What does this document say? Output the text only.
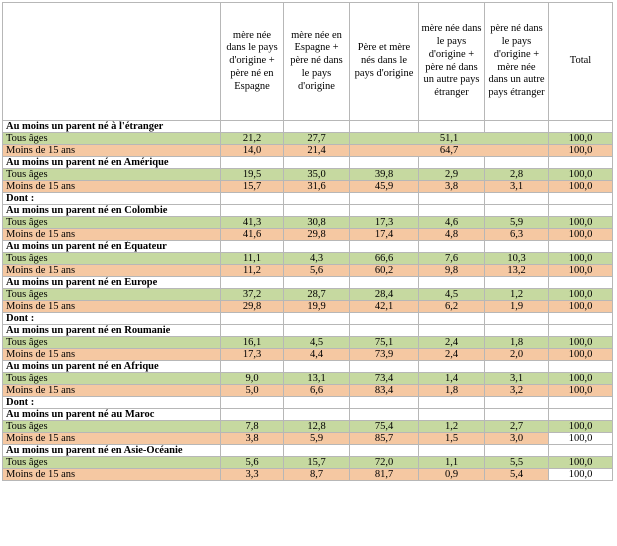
	mère née dans le pays d'origine + père né en Espagne	mère née en Espagne + père né dans le pays d'origine	Père et mère nés dans le pays d'origine	mère née dans le pays d'origine + père né dans un autre pays étranger	père né dans le pays d'origine + mère née dans un autre pays étranger	Total
Au moins un parent né à l'étranger						
Tous âges	21,2	27,7	51,1			100,0
Moins de 15 ans	14,0	21,4	64,7			100,0
Au moins un parent né en Amérique						
Tous âges	19,5	35,0	39,8	2,9	2,8	100,0
Moins de 15 ans	15,7	31,6	45,9	3,8	3,1	100,0
Dont :						
Au moins un parent né en Colombie						
Tous âges	41,3	30,8	17,3	4,6	5,9	100,0
Moins de 15 ans	41,6	29,8	17,4	4,8	6,3	100,0
Au moins un parent né en Équateur						
Tous âges	11,1	4,3	66,6	7,6	10,3	100,0
Moins de 15 ans	11,2	5,6	60,2	9,8	13,2	100,0
Au moins un parent né en Europe						
Tous âges	37,2	28,7	28,4	4,5	1,2	100,0
Moins de 15 ans	29,8	19,9	42,1	6,2	1,9	100,0
Dont :						
Au moins un parent né en Roumanie						
Tous âges	16,1	4,5	75,1	2,4	1,8	100,0
Moins de 15 ans	17,3	4,4	73,9	2,4	2,0	100,0
Au moins un parent né en Afrique						
Tous âges	9,0	13,1	73,4	1,4	3,1	100,0
Moins de 15 ans	5,0	6,6	83,4	1,8	3,2	100,0
Dont :						
Au moins un parent né au Maroc						
Tous âges	7,8	12,8	75,4	1,2	2,7	100,0
Moins de 15 ans	3,8	5,9	85,7	1,5	3,0	100,0
Au moins un parent né en Asie-Océanie						
Tous âges	5,6	15,7	72,0	1,1	5,5	100,0
Moins de 15 ans	3,3	8,7	81,7	0,9	5,4	100,0
